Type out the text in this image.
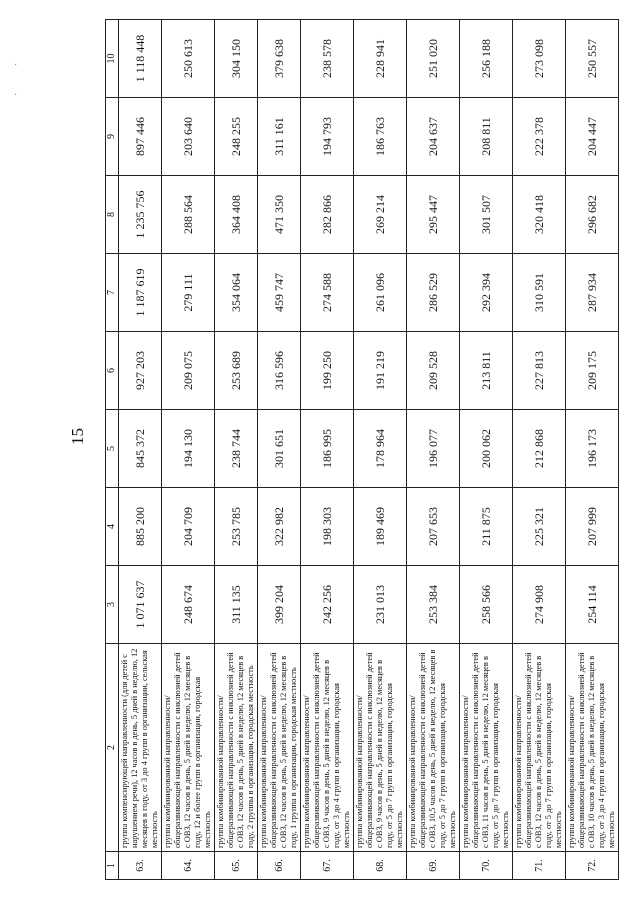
15
·
·
1	2	3	4	5	6	7	8	9	10
63.	группа компенсирующей направленности (для детей с нарушением речи), 12 часов в день, 5 дней в неделю, 12 месяцев в году, от 3 до 4 групп в организации, сельская местность	1 071 637	885 200	845 372	927 203	1 187 619	1 235 756	897 446	1 118 448
64.	группа комбинированной направленности/общеразвивающей направленности с инклюзией детей с ОВЗ, 12 часов в день, 5 дней в неделю, 12 месяцев в году, 12 и более групп в организации, городская местность	248 674	204 709	194 130	209 075	279 111	288 564	203 640	250 613
65.	группа комбинированной направленности/общеразвивающей направленности с инклюзией детей с ОВЗ, 12 часов в день, 5 дней в неделю, 12 месяцев в году, 2 группы в организации, городская местность	311 135	253 785	238 744	253 689	354 064	364 408	248 255	304 150
66.	группа комбинированной направленности/общеразвивающей направленности с инклюзией детей с ОВЗ, 12 часов в день, 5 дней в неделю, 12 месяцев в году, 1 группа в организации, городская местность	399 204	322 982	301 651	316 596	459 747	471 350	311 161	379 638
67.	группа комбинированной направленности/общеразвивающей направленности с инклюзией детей с ОВЗ, 9 часов в день, 5 дней в неделю, 12 месяцев в году, от 3 до 4 групп в организации, городская местность	242 256	198 303	186 995	199 250	274 588	282 866	194 793	238 578
68.	группа комбинированной направленности/общеразвивающей направленности с инклюзией детей с ОВЗ, 9 часов в день, 5 дней в неделю, 12 месяцев в году, от 5 до 7 групп в организации, городская местность	231 013	189 469	178 964	191 219	261 096	269 214	186 763	228 941
69.	группа комбинированной направленности/общеразвивающей направленности с инклюзией детей с ОВЗ, 10,5 часов в день, 5 дней в неделю, 12 месяцев в году, от 5 до 7 групп в организации, городская местность	253 384	207 653	196 077	209 528	286 529	295 447	204 637	251 020
70.	группа комбинированной направленности/общеразвивающей направленности с инклюзией детей с ОВЗ, 11 часов в день, 5 дней в неделю, 12 месяцев в году, от 5 до 7 групп в организации, городская местность	258 566	211 875	200 062	213 811	292 394	301 507	208 811	256 188
71.	группа комбинированной направленности/общеразвивающей направленности с инклюзией детей с ОВЗ, 12 часов в день, 5 дней в неделю, 12 месяцев в году, от 5 до 7 групп в организации, городская местность	274 908	225 321	212 868	227 813	310 591	320 418	222 378	273 098
72.	группа комбинированной направленности/общеразвивающей направленности с инклюзией детей с ОВЗ, 10 часов в день, 5 дней в неделю, 12 месяцев в году, от 3 до 4 групп в организации, городская местность	254 114	207 999	196 173	209 175	287 934	296 682	204 447	250 557
